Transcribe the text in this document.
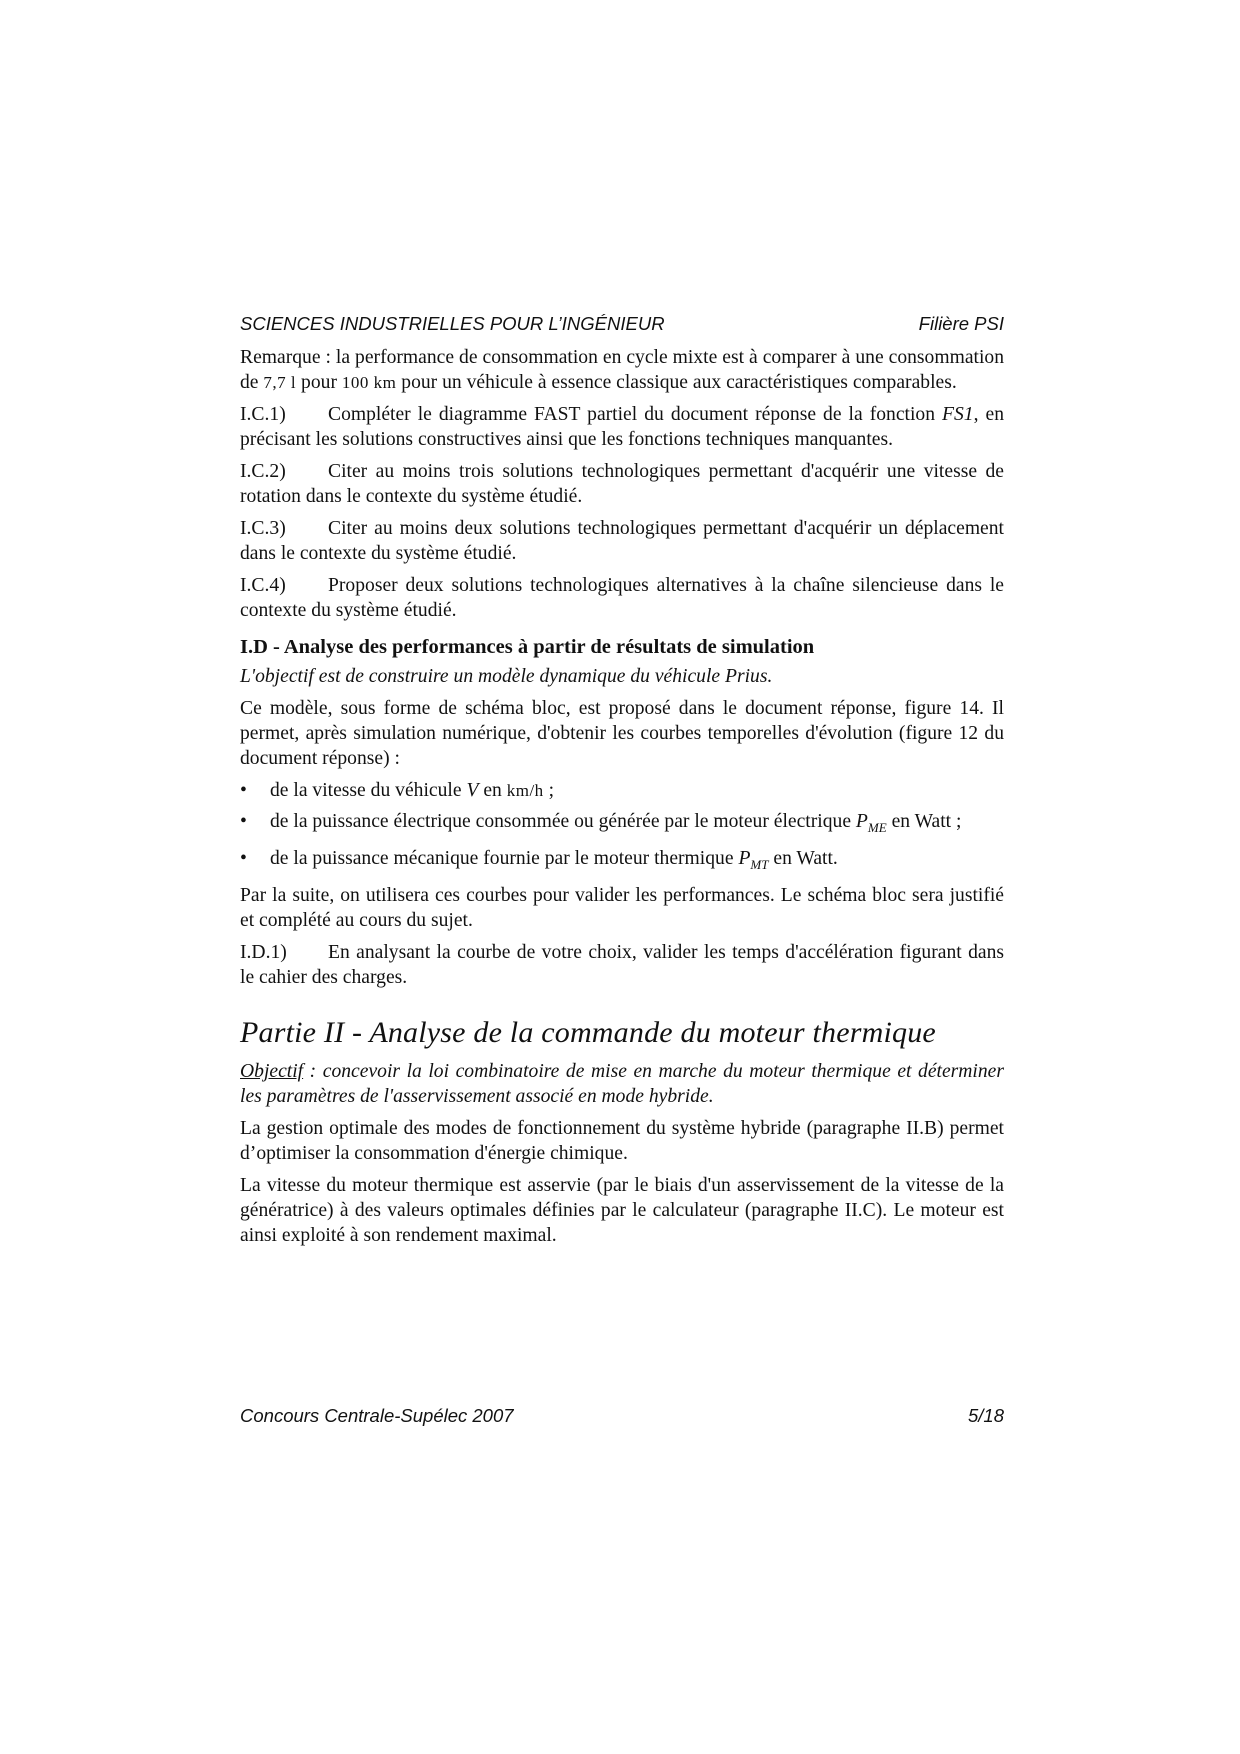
SCIENCES INDUSTRIELLES POUR L’INGÉNIEUR	Filière PSI

Remarque : la performance de consommation en cycle mixte est à comparer à une consommation de 7,7 l pour 100 km pour un véhicule à essence classique aux caractéristiques comparables.

I.C.1) Compléter le diagramme FAST partiel du document réponse de la fonction FS1, en précisant les solutions constructives ainsi que les fonctions techniques manquantes.

I.C.2) Citer au moins trois solutions technologiques permettant d'acquérir une vitesse de rotation dans le contexte du système étudié.

I.C.3) Citer au moins deux solutions technologiques permettant d'acquérir un déplacement dans le contexte du système étudié.

I.C.4) Proposer deux solutions technologiques alternatives à la chaîne silencieuse dans le contexte du système étudié.

I.D - Analyse des performances à partir de résultats de simulation

L'objectif est de construire un modèle dynamique du véhicule Prius.

Ce modèle, sous forme de schéma bloc, est proposé dans le document réponse, figure 14. Il permet, après simulation numérique, d'obtenir les courbes temporelles d'évolution (figure 12 du document réponse) :

• de la vitesse du véhicule V en km/h ;
• de la puissance électrique consommée ou générée par le moteur électrique $P_{ME}$ en Watt ;
• de la puissance mécanique fournie par le moteur thermique $P_{MT}$ en Watt.

Par la suite, on utilisera ces courbes pour valider les performances. Le schéma bloc sera justifié et complété au cours du sujet.

I.D.1) En analysant la courbe de votre choix, valider les temps d'accélération figurant dans le cahier des charges.

Partie II - Analyse de la commande du moteur thermique

Objectif : concevoir la loi combinatoire de mise en marche du moteur thermique et déterminer les paramètres de l'asservissement associé en mode hybride.

La gestion optimale des modes de fonctionnement du système hybride (paragraphe II.B) permet d’optimiser la consommation d'énergie chimique.

La vitesse du moteur thermique est asservie (par le biais d'un asservissement de la vitesse de la génératrice) à des valeurs optimales définies par le calculateur (paragraphe II.C). Le moteur est ainsi exploité à son rendement maximal.

Concours Centrale-Supélec 2007	5/18
